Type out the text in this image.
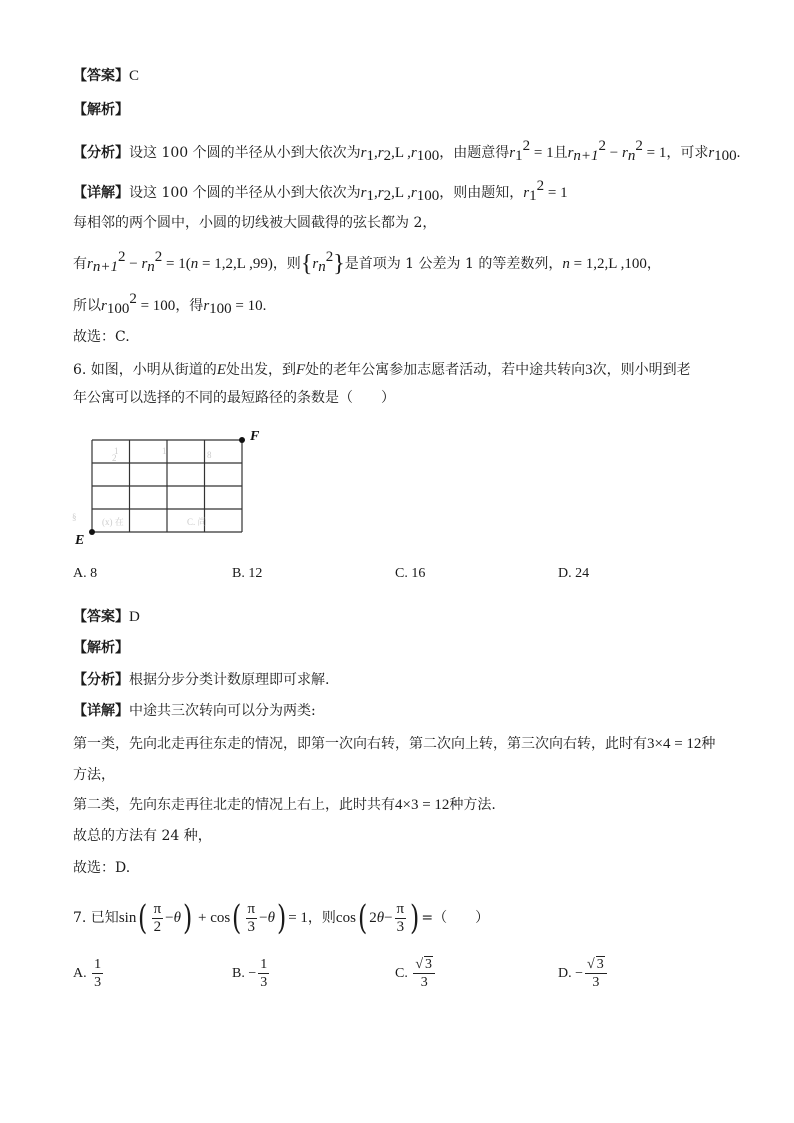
【答案】C
【解析】
【分析】设这 100 个圆的半径从小到大依次为$r_1,r_2,L$ $,r_{100}$，由题意得$r_1^2 = 1$且$r_{n+1}^2 - r_n^2 = 1$，可求$r_{100}$.
【详解】设这 100 个圆的半径从小到大依次为$r_1,r_2,L$ $,r_{100}$，则由题知，$r_1^2 = 1$
每相邻的两个圆中，小圆的切线被大圆截得的弦长都为 2，
有$r_{n+1}^2 - r_n^2 = 1(n = 1,2,L$ ,99)，则$\{r_n^2\}$是首项为 1 公差为 1 的等差数列，n = 1,2,L ,100，
所以$r_{100}^2 = 100$，得$r_{100} = 10$.
故选：C.
6. 如图，小明从街道的E处出发，到F处的老年公寓参加志愿者活动，若中途共转向3次，则小明到老
年公寓可以选择的不同的最短路径的条数是（　　）
1
2
1	8
(x) 在	C. 尚
§
F
E
A. 8	B. 12	C. 16	D. 24
【答案】D
【解析】
【分析】根据分步分类计数原理即可求解.
【详解】中途共三次转向可以分为两类:
第一类，先向北走再往东走的情况，即第一次向右转，第二次向上转，第三次向右转，此时有3×4 = 12种
方法，
第二类，先向东走再往北走的情况上右上，此时共有4×3 = 12种方法.
故总的方法有 24 种，
故选：D.
7. 已知 sin ( $\frac{\pi}{2} - \theta$ ) + cos ( $\frac{\pi}{3} - \theta$ ) = 1 ，则 cos ( 2 $\theta - \frac{\pi}{3}$ ) =（　　）
A.
$\frac{1}{3}$	B. − $\frac{1}{3}$	C.
$\frac{√ 3}{3}$	D. − $\frac{√ 3}{3}$
